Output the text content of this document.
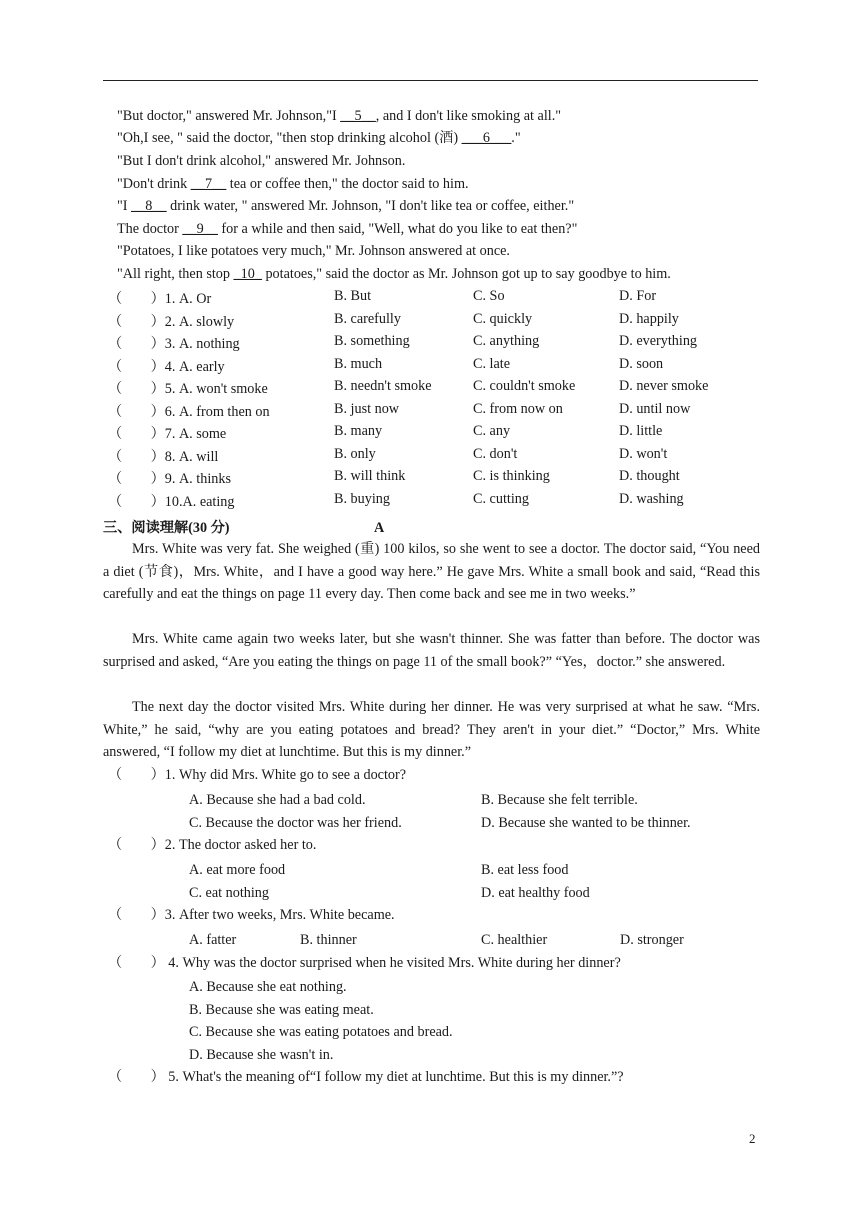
"But doctor," answered Mr. Johnson,"I __5__, and I don't like smoking at all."
"Oh,I see, " said the doctor, "then stop drinking alcohol (酒) ___6___."
"But I don't drink alcohol," answered Mr. Johnson.
"Don't drink __7__ tea or coffee then," the doctor said to him.
"I __8__ drink water, " answered Mr. Johnson, "I don't like tea or coffee, either."
The doctor __9__ for a while and then said, "Well, what do you like to eat then?"
"Potatoes, I like potatoes very much," Mr. Johnson answered at once.
"All right, then stop _10_ potatoes," said the doctor as Mr. Johnson got up to say goodbye to him.
（　　）1. A. Or	B. But	C. So	D. For
（　　）2. A. slowly	B. carefully	C. quickly	D. happily
（　　）3. A. nothing	B. something	C. anything	D. everything
（　　）4. A. early	B. much	C. late	D. soon
（　　）5. A. won't smoke	B. needn't smoke	C. couldn't smoke	D. never smoke
（　　）6. A. from then on	B. just now	C. from now on	D. until now
（　　）7. A. some	B. many	C. any	D. little
（　　）8. A. will	B. only	C. don't	D. won't
（　　）9. A. thinks	B. will think	C. is thinking	D. thought
（　　）10.A. eating	B. buying	C. cutting	D. washing
三、阅读理解(30 分)	A

Mrs. White was very fat. She weighed (重) 100 kilos, so she went to see a doctor. The doctor said, “You need a diet (节食)，Mrs. White，and I have a good way here.” He gave Mrs. White a small book and said, “Read this carefully and eat the things on page 11 every day. Then come back and see me in two weeks.”

Mrs. White came again two weeks later, but she wasn't thinner. She was fatter than before. The doctor was surprised and asked, “Are you eating the things on page 11 of the small book?” “Yes，doctor.” she answered.

The next day the doctor visited Mrs. White during her dinner. He was very surprised at what he saw. “Mrs. White,” he said, “why are you eating potatoes and bread? They aren't in your diet.” “Doctor,” Mrs. White answered, “I follow my diet at lunchtime. But this is my dinner.”

（　　）1. Why did Mrs. White go to see a doctor?
A. Because she had a bad cold.	B. Because she felt terrible.
C. Because the doctor was her friend.	D. Because she wanted to be thinner.
（　　）2. The doctor asked her to.
A. eat more food	B. eat less food
C. eat nothing	D. eat healthy food
（　　）3. After two weeks, Mrs. White became.
A. fatter	B. thinner	C. healthier	D. stronger
（　　） 4. Why was the doctor surprised when he visited Mrs. White during her dinner?
A. Because she eat nothing.
B. Because she was eating meat.
C. Because she was eating potatoes and bread.
D. Because she wasn't in.
（　　） 5. What's the meaning of“I follow my diet at lunchtime. But this is my dinner.”?
2
